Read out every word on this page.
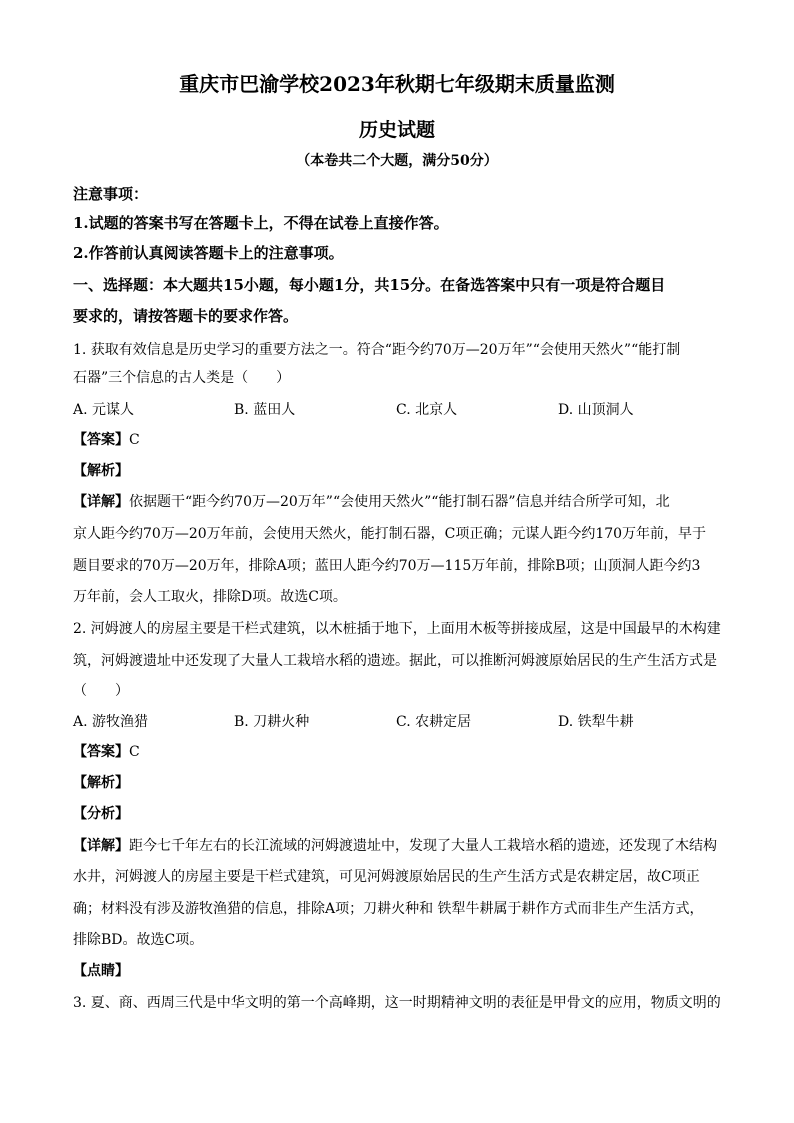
重庆市巴渝学校2023年秋期七年级期末质量监测
历史试题
（本卷共二个大题，满分50分）
注意事项：
1.试题的答案书写在答题卡上，不得在试卷上直接作答。
2.作答前认真阅读答题卡上的注意事项。
一、选择题：本大题共15小题，每小题1分，共15分。在备选答案中只有一项是符合题目
要求的，请按答题卡的要求作答。
1. 获取有效信息是历史学习的重要方法之一。符合“距今约70万—20万年”“会使用天然火”“能打制
石器”三个信息的古人类是（　　）
A. 元谋人	B. 蓝田人	C. 北京人	D. 山顶洞人
【答案】C
【解析】
【详解】依据题干“距今约70万—20万年”“会使用天然火”“能打制石器”信息并结合所学可知，北
京人距今约70万—20万年前，会使用天然火，能打制石器，C项正确；元谋人距今约170万年前，早于
题目要求的70万—20万年，排除A项；蓝田人距今约70万—115万年前，排除B项；山顶洞人距今约3
万年前，会人工取火，排除D项。故选C项。
2. 河姆渡人的房屋主要是干栏式建筑，以木桩插于地下，上面用木板等拼接成屋，这是中国最早的木构建
筑，河姆渡遗址中还发现了大量人工栽培水稻的遗迹。据此，可以推断河姆渡原始居民的生产生活方式是
（　　）
A. 游牧渔猎	B. 刀耕火种	C. 农耕定居	D. 铁犁牛耕
【答案】C
【解析】
【分析】
【详解】距今七千年左右的长江流域的河姆渡遗址中，发现了大量人工栽培水稻的遗迹，还发现了木结构
水井，河姆渡人的房屋主要是干栏式建筑，可见河姆渡原始居民的生产生活方式是农耕定居，故C项正
确；材料没有涉及游牧渔猎的信息，排除A项；刀耕火种和 铁犁牛耕属于耕作方式而非生产生活方式，
排除BD。故选C项。
【点睛】
3. 夏、商、西周三代是中华文明的第一个高峰期，这一时期精神文明的表征是甲骨文的应用，物质文明的
